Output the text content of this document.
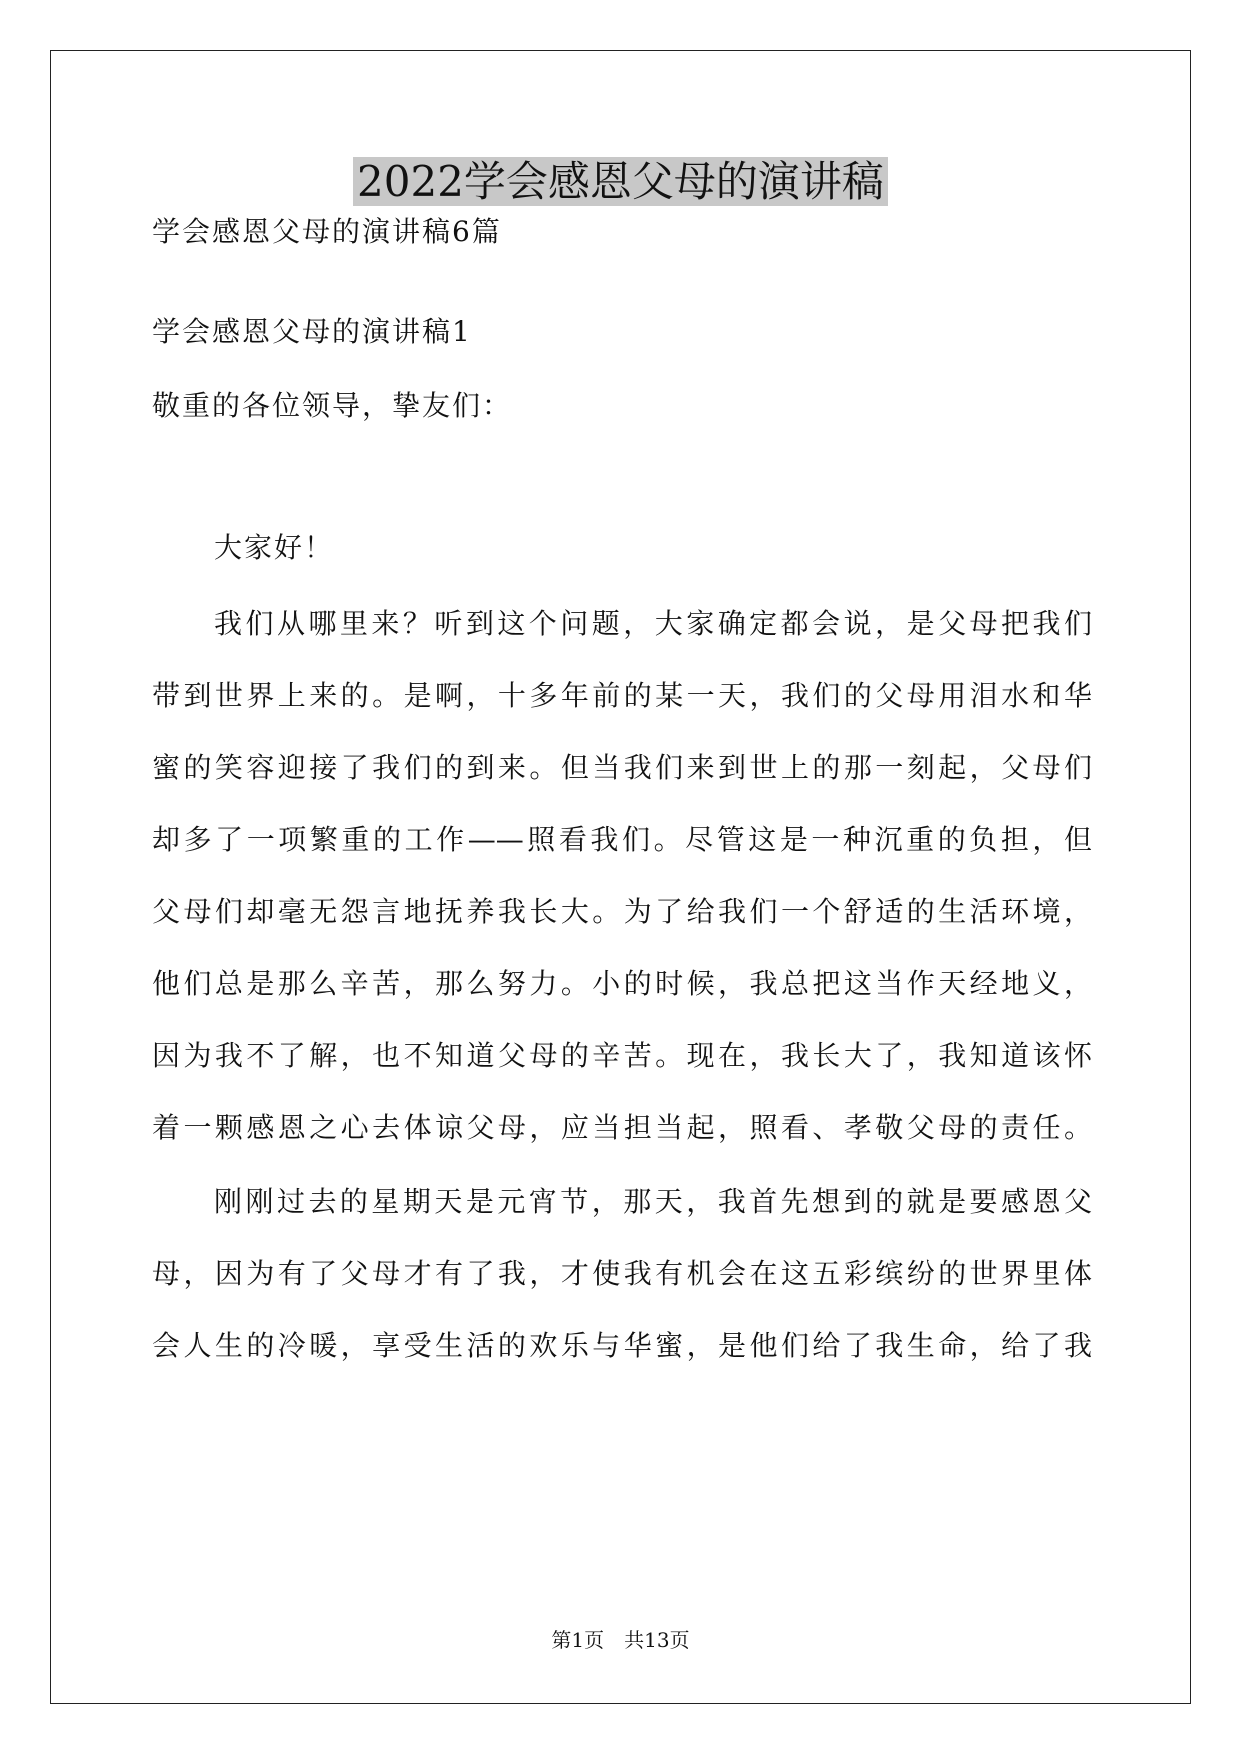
2022学会感恩父母的演讲稿
学会感恩父母的演讲稿6篇
学会感恩父母的演讲稿1
敬重的各位领导，挚友们：
大家好！
我们从哪里来？听到这个问题，大家确定都会说，是父母把我们
带到世界上来的。是啊，十多年前的某一天，我们的父母用泪水和华
蜜的笑容迎接了我们的到来。但当我们来到世上的那一刻起，父母们
却多了一项繁重的工作——照看我们。尽管这是一种沉重的负担，但
父母们却毫无怨言地抚养我长大。为了给我们一个舒适的生活环境，
他们总是那么辛苦，那么努力。小的时候，我总把这当作天经地义，
因为我不了解，也不知道父母的辛苦。现在，我长大了，我知道该怀
着一颗感恩之心去体谅父母，应当担当起，照看、孝敬父母的责任。
刚刚过去的星期天是元宵节，那天，我首先想到的就是要感恩父
母，因为有了父母才有了我，才使我有机会在这五彩缤纷的世界里体
会人生的冷暖，享受生活的欢乐与华蜜，是他们给了我生命，给了我
第1页 共13页
